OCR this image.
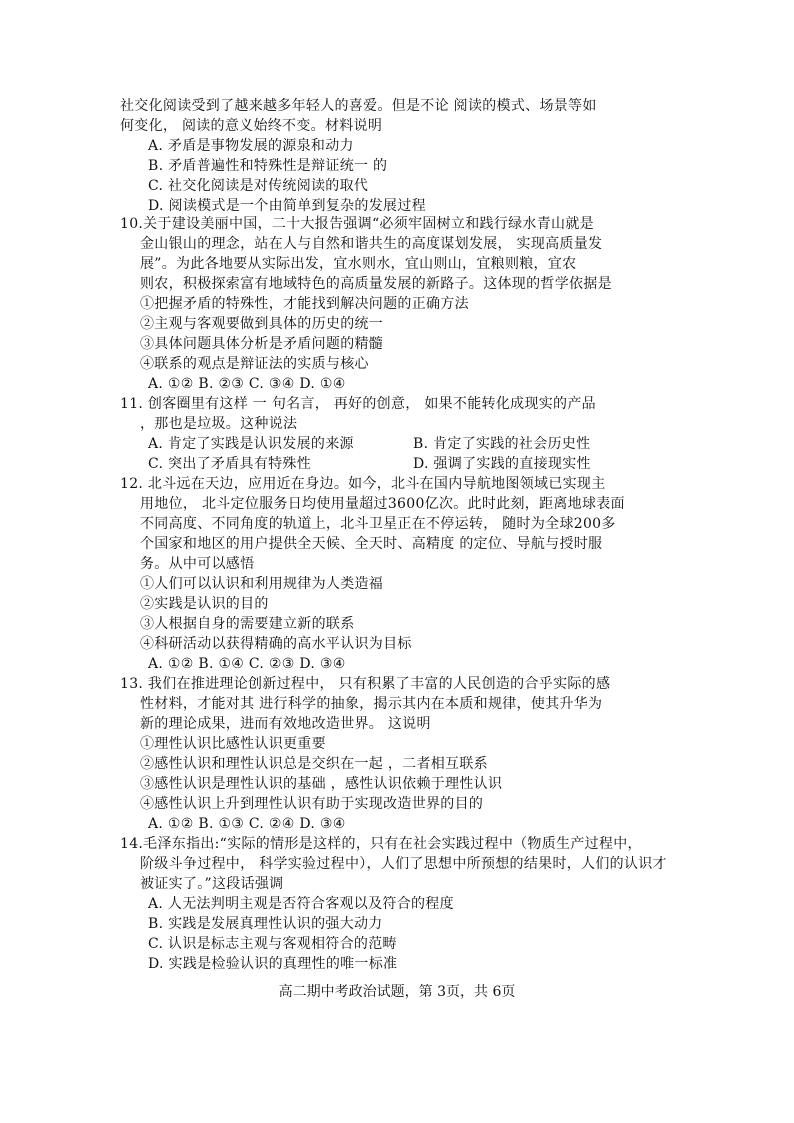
社交化阅读受到了越来越多年轻人的喜爱。但是不论 阅读的模式、场景等如
何变化， 阅读的意义始终不变。材料说明
A. 矛盾是事物发展的源泉和动力
B. 矛盾普遍性和特殊性是辩证统一 的
C. 社交化阅读是对传统阅读的取代
D. 阅读模式是一个由简单到复杂的发展过程
10.关于建设美丽中国，二十大报告强调“必须牢固树立和践行绿水青山就是
金山银山的理念，站在人与自然和谐共生的高度谋划发展， 实现高质量发
展”。为此各地要从实际出发，宜水则水，宜山则山，宜粮则粮，宜农
则农，积极探索富有地域特色的高质量发展的新路子。这体现的哲学依据是
①把握矛盾的特殊性，才能找到解决问题的正确方法
②主观与客观要做到具体的历史的统一
③具体问题具体分析是矛盾问题的精髓
④联系的观点是辩证法的实质与核心
A. ①② B. ②③ C. ③④ D. ①④
11. 创客圈里有这样 一 句名言， 再好的创意， 如果不能转化成现实的产品
，那也是垃圾。这种说法
A. 肯定了实践是认识发展的来源	B. 肯定了实践的社会历史性
C. 突出了矛盾具有特殊性	D. 强调了实践的直接现实性
12. 北斗远在天边，应用近在身边。如今，北斗在国内导航地图领域已实现主
用地位， 北斗定位服务日均使用量超过3600亿次。此时此刻，距离地球表面
不同高度、不同角度的轨道上，北斗卫星正在不停运转， 随时为全球200多
个国家和地区的用户提供全天候、全天时、高精度 的定位、导航与授时服
务。从中可以感悟
①人们可以认识和利用规律为人类造福
②实践是认识的目的
③人根据自身的需要建立新的联系
④科研活动以获得精确的高水平认识为目标
A. ①② B. ①④ C. ②③ D. ③④
13. 我们在推进理论创新过程中， 只有积累了丰富的人民创造的合乎实际的感
性材料，才能对其 进行科学的抽象，揭示其内在本质和规律，使其升华为
新的理论成果，进而有效地改造世界。 这说明
①理性认识比感性认识更重要
②感性认识和理性认识总是交织在一起 ，二者相互联系
③感性认识是理性认识的基础 ，感性认识依赖于理性认识
④感性认识上升到理性认识有助于实现改造世界的目的
A. ①② B. ①③ C. ②④ D. ③④
14.毛泽东指出:“实际的情形是这样的，只有在社会实践过程中（物质生产过程中，
阶级斗争过程中， 科学实验过程中），人们了思想中所预想的结果时，人们的认识才
被证实了。”这段话强调
A. 人无法判明主观是否符合客观以及符合的程度
B. 实践是发展真理性认识的强大动力
C. 认识是标志主观与客观相符合的范畴
D. 实践是检验认识的真理性的唯一标准
高二期中考政治试题，第 3页，共 6页
